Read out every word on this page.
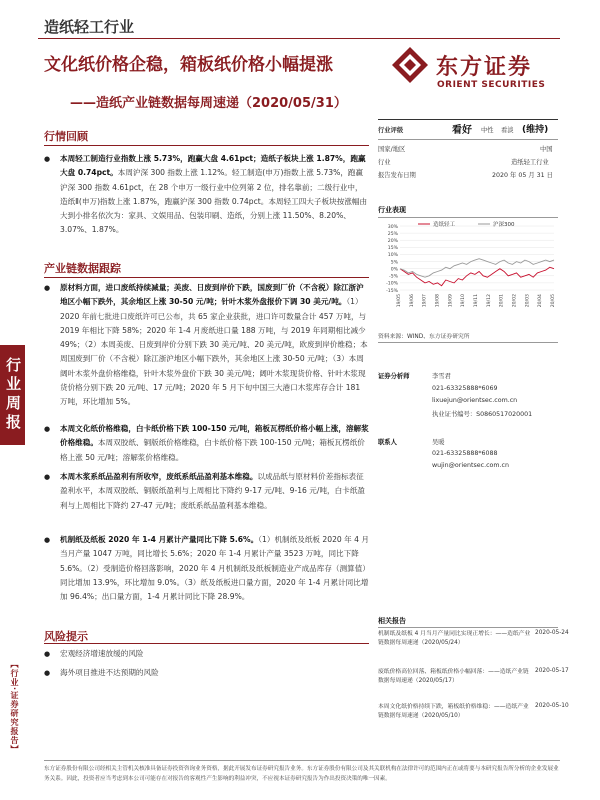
造纸轻工行业
文化纸价格企稳，箱板纸价格小幅提涨
——造纸产业链数据每周速递（2020/05/31）
东方证券
ORIENT SECURITIES
行业周报
【行业·证券研究报告】
行情回顾
● 本周轻工制造行业指数上涨 5.73%，跑赢大盘 4.61pct；造纸子板块上涨 1.87%，跑赢大盘 0.74pct。本周沪深 300 指数上涨 1.12%。轻工制造(申万)指数上涨 5.73%，跑赢沪深 300 指数 4.61pct，在 28 个申万一级行业中位列第 2 位，排名靠前；二级行业中，造纸Ⅱ(申万)指数上涨 1.87%，跑赢沪深 300 指数 0.74pct。本周轻工四大子板块按涨幅由大到小排名依次为：家具、文娱用品、包装印刷、造纸，分别上涨 11.50%、8.20%、3.07%、1.87%。
产业链数据跟踪
● 原材料方面，进口废纸持续减量；美废、日废到岸价下跌，国废到厂价（不含税）除江浙沪地区小幅下跌外，其余地区上涨 30-50 元/吨；针叶木浆外盘报价下调 30 美元/吨。（1）2020 年前七批进口废纸许可已公布，共 65 家企业获批，进口许可数量合计 457 万吨，与 2019 年相比下降 58%；2020 年 1-4 月废纸进口量 188 万吨，与 2019 年同期相比减少 49%；（2）本周美废、日废到岸价分别下跌 30 美元/吨、20 美元/吨，欧废到岸价维稳；本周国废到厂价（不含税）除江浙沪地区小幅下跌外，其余地区上涨 30-50 元/吨；（3）本周阔叶木浆外盘价格维稳，针叶木浆外盘价下跌 30 美元/吨；阔叶木浆现货价格、针叶木浆现货价格分别下跌 20 元/吨、17 元/吨；2020 年 5 月下旬中国三大港口木浆库存合计 181 万吨，环比增加 5%。
● 本周文化纸价格维稳，白卡纸价格下跌 100-150 元/吨，箱板瓦楞纸价格小幅上涨，溶解浆价格维稳。本周双胶纸、铜版纸价格维稳，白卡纸价格下跌 100-150 元/吨；箱板瓦楞纸价格上涨 50 元/吨；溶解浆价格维稳。
● 本周木浆系纸品盈利有所收窄，废纸系纸品盈利基本维稳。以成品纸与原材料价差指标表征盈利水平，本周双胶纸、铜版纸盈利与上周相比下降约 9-17 元/吨、9-16 元/吨，白卡纸盈利与上周相比下降约 27-47 元/吨；废纸系纸品盈利基本维稳。
● 机制纸及纸板 2020 年 1-4 月累计产量同比下降 5.6%。（1）机制纸及纸板 2020 年 4 月当月产量 1047 万吨，同比增长 5.6%；2020 年 1-4 月累计产量 3523 万吨，同比下降 5.6%。（2）受制造价格回落影响，2020 年 4 月机制纸及纸板制造业产成品库存（测算值）同比增加 13.9%，环比增加 9.0%。（3）纸及纸板进口量方面，2020 年 1-4 月累计同比增加 96.4%；出口量方面，1-4 月累计同比下降 28.9%。
风险提示
● 宏观经济增速放缓的风险
● 海外项目推进不达预期的风险
行业评级	看好 中性 看淡 (维持)
国家/地区	中国
行业	造纸轻工行业
报告发布日期	2020 年 05 月 31 日
行业表现
30%
25%
20%
15%
10%
5%
0%
-5%
-10%
-15%
19/05 19/06 19/07 19/08 19/09 19/10 19/11 19/12 20/01 20/02 20/03 20/04 20/05
造纸轻工	沪深300
资料来源：WIND、东方证券研究所
证券分析师	李雪君
021-63325888*6069
lixuejun@orientsec.com.cn
执业证书编号：S0860517020001
联系人	吴暖
021-63325888*6088
wujin@orientsec.com.cn
相关报告
机制纸及纸板 4 月当月产量同比实现正增长：——造纸产业链数据每周速递（2020/05/24）
2020-05-24
废纸价格高位回落、箱板纸价格小幅回落：——造纸产业链数据每周速递（2020/05/17）
2020-05-17
本周文化纸价格持续下跌，箱板纸价格维稳：——造纸产业链数据每周速递（2020/05/10）
2020-05-10
东方证券股份有限公司经相关主管机关核准具备证券投资咨询业务资格，据此开展发布证券研究报告业务。东方证券股份有限公司及其关联机构在法律许可的范围内正在或将要与本研究报告所分析的企业发展业务关系。因此，投资者应当考虑到本公司可能存在对报告的客观性产生影响的利益冲突，不应视本证券研究报告为作出投资决策的唯一因素。
